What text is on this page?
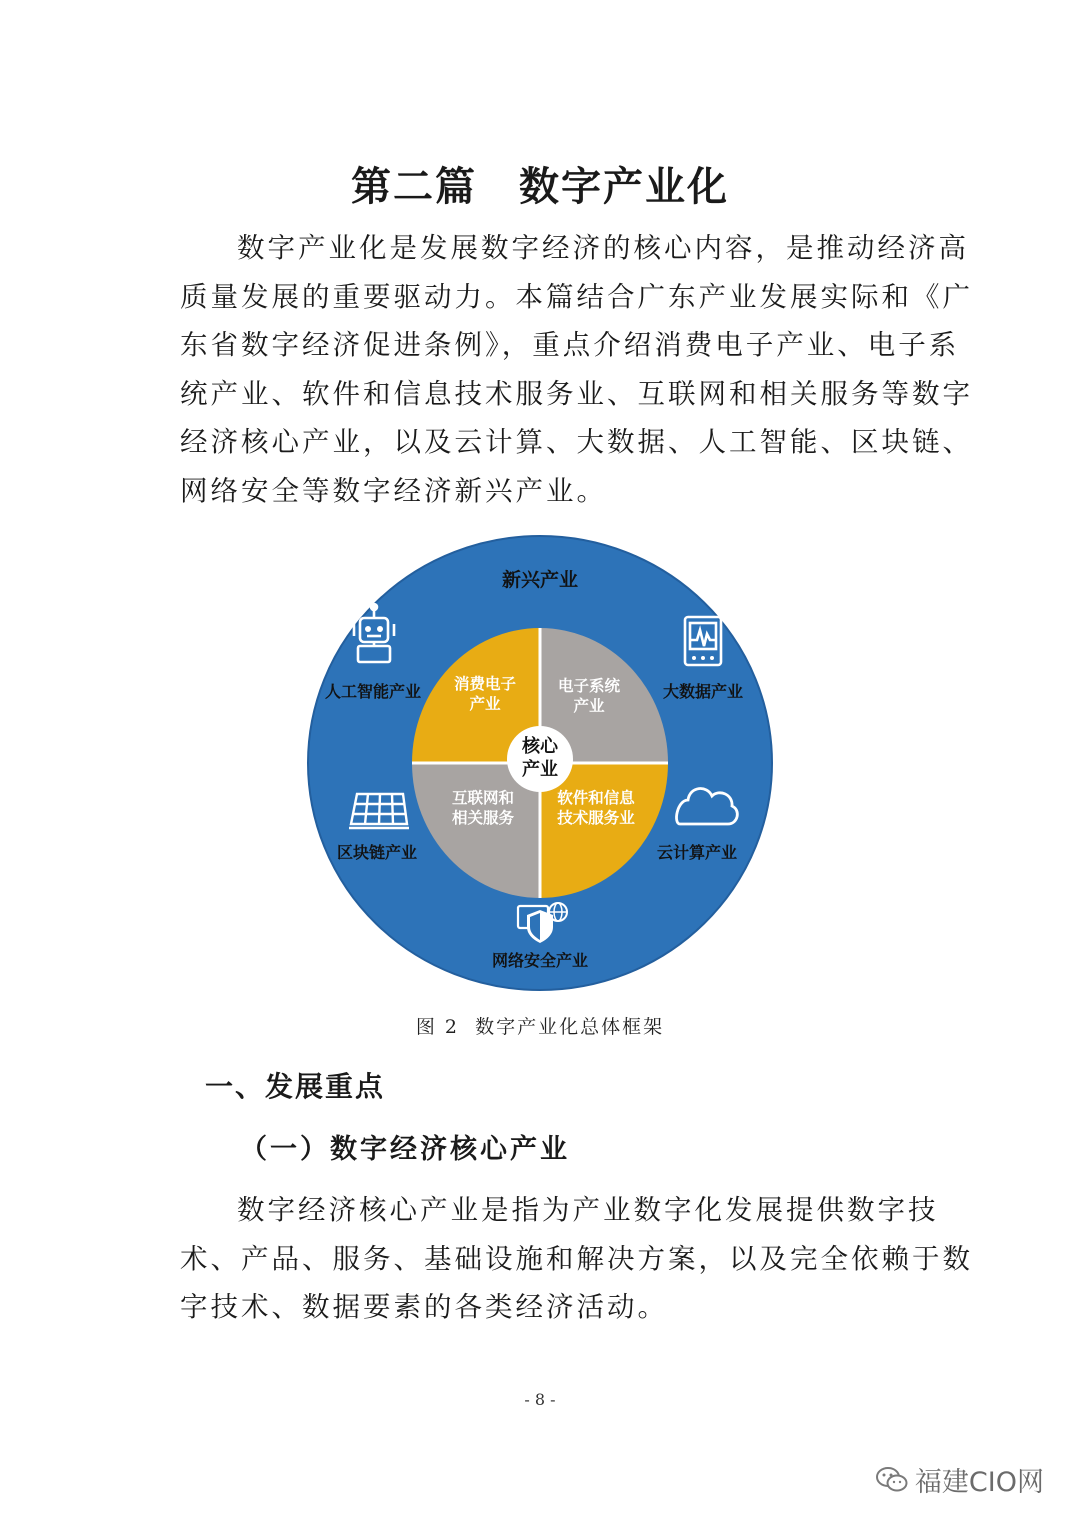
第二篇　数字产业化
数字产业化是发展数字经济的核心内容，是推动经济高
质量发展的重要驱动力。本篇结合广东产业发展实际和《广
东省数字经济促进条例》，重点介绍消费电子产业、电子系
统产业、软件和信息技术服务业、互联网和相关服务等数字
经济核心产业，以及云计算、大数据、人工智能、区块链、
网络安全等数字经济新兴产业。
新兴产业
核心
产业
消费电子
产业
电子系统
产业
互联网和
相关服务
软件和信息
技术服务业
人工智能产业	大数据产业
区块链产业	云计算产业
网络安全产业
图 2  数字产业化总体框架
一、发展重点
（一）数字经济核心产业
数字经济核心产业是指为产业数字化发展提供数字技
术、产品、服务、基础设施和解决方案，以及完全依赖于数
字技术、数据要素的各类经济活动。
- 8 -
福建CIO网
